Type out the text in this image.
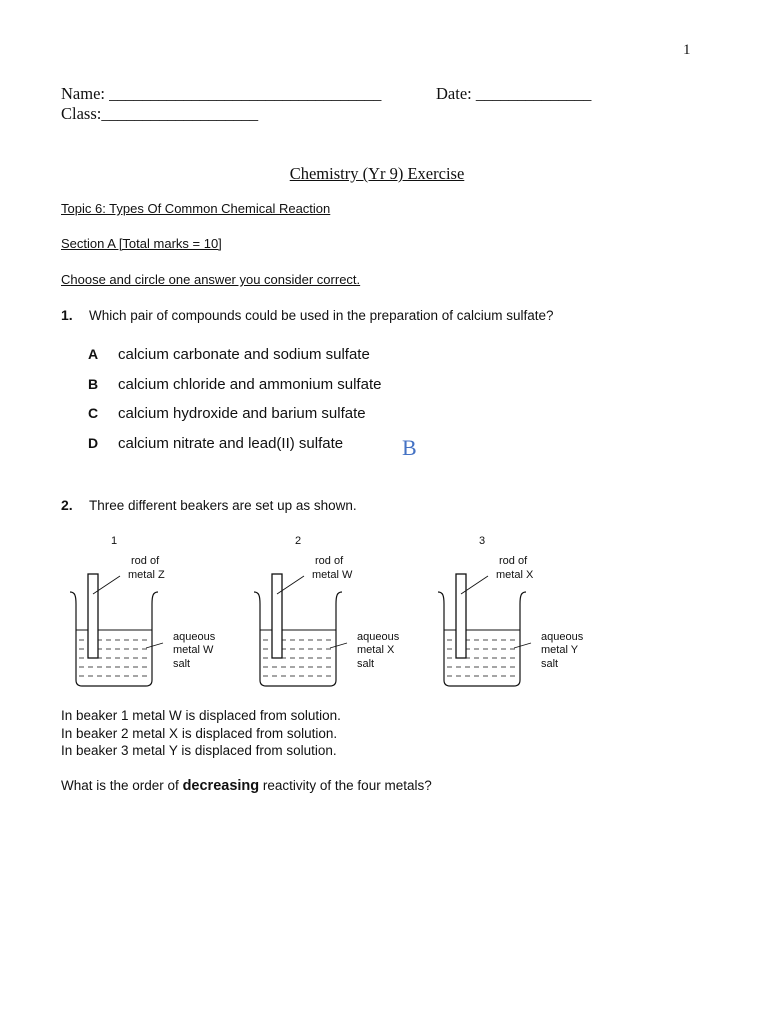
1
Name: _________________________________	Date: ______________
Class:___________________
Chemistry (Yr 9) Exercise
Topic 6: Types Of Common Chemical Reaction
Section A [Total marks = 10]
Choose and circle one answer you consider correct.
1. Which pair of compounds could be used in the preparation of calcium sulfate?
A calcium carbonate and sodium sulfate
B calcium chloride and ammonium sulfate
C calcium hydroxide and barium sulfate
D calcium nitrate and lead(II) sulfate	B
2. Three different beakers are set up as shown.
1
rod of
metal Z
aqueous
metal W
salt
2
rod of
metal W
aqueous
metal X
salt
3
rod of
metal X
aqueous
metal Y
salt
In beaker 1 metal W is displaced from solution.
In beaker 2 metal X is displaced from solution.
In beaker 3 metal Y is displaced from solution.
What is the order of decreasing reactivity of the four metals?
